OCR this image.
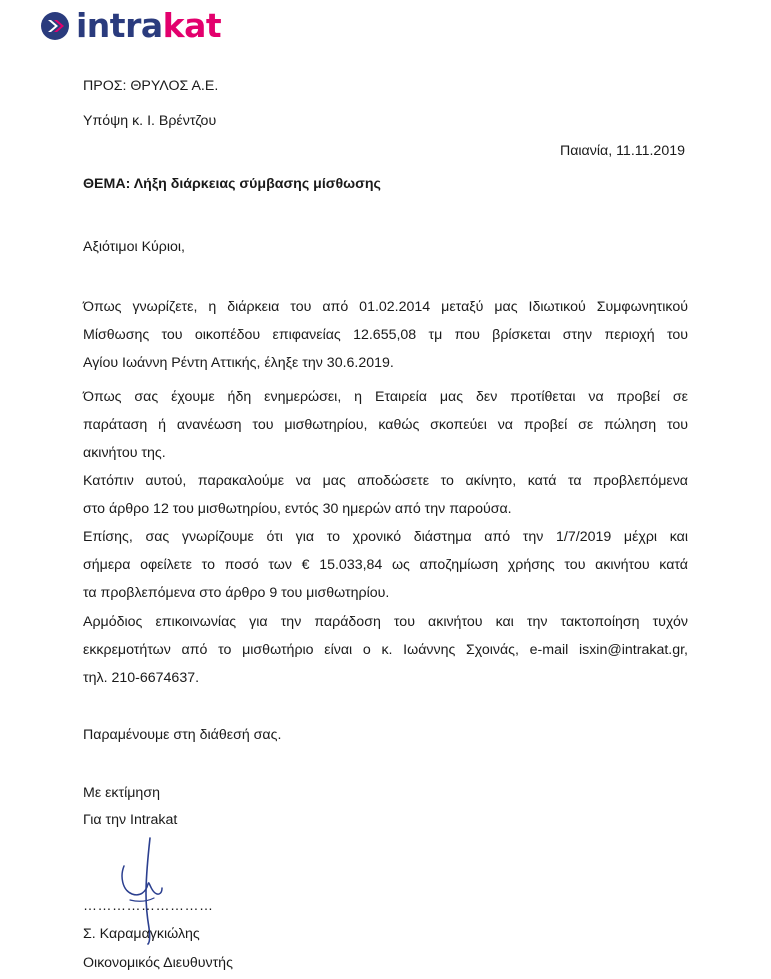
intrakat
ΠΡΟΣ: ΘΡΥΛΟΣ Α.Ε.
Υπόψη κ. Ι. Βρέντζου
Παιανία, 11.11.2019
ΘΕΜΑ: Λήξη διάρκειας σύμβασης μίσθωσης
Αξιότιμοι Κύριοι,
Όπως γνωρίζετε, η διάρκεια του από 01.02.2014 μεταξύ μας Ιδιωτικού Συμφωνητικού
Μίσθωσης του οικοπέδου επιφανείας 12.655,08 τμ που βρίσκεται στην περιοχή του
Αγίου Ιωάννη Ρέντη Αττικής, έληξε την 30.6.2019.
Όπως σας έχουμε ήδη ενημερώσει, η Εταιρεία μας δεν προτίθεται να προβεί σε
παράταση ή ανανέωση του μισθωτηρίου, καθώς σκοπεύει να προβεί σε πώληση του
ακινήτου της.
Κατόπιν αυτού, παρακαλούμε να μας αποδώσετε το ακίνητο, κατά τα προβλεπόμενα
στο άρθρο 12 του μισθωτηρίου, εντός 30 ημερών από την παρούσα.
Επίσης, σας γνωρίζουμε ότι για το χρονικό διάστημα από την 1/7/2019 μέχρι και
σήμερα οφείλετε το ποσό των € 15.033,84 ως αποζημίωση χρήσης του ακινήτου κατά
τα προβλεπόμενα στο άρθρο 9 του μισθωτηρίου.
Αρμόδιος επικοινωνίας για την παράδοση του ακινήτου και την τακτοποίηση τυχόν
εκκρεμοτήτων από το μισθωτήριο είναι ο κ. Ιωάννης Σχοινάς, e-mail isxin@intrakat.gr,
τηλ. 210-6674637.
Παραμένουμε στη διάθεσή σας.
Με εκτίμηση
Για την Intrakat
………………………
Σ. Καραμαγκιώλης
Οικονομικός Διευθυντής
